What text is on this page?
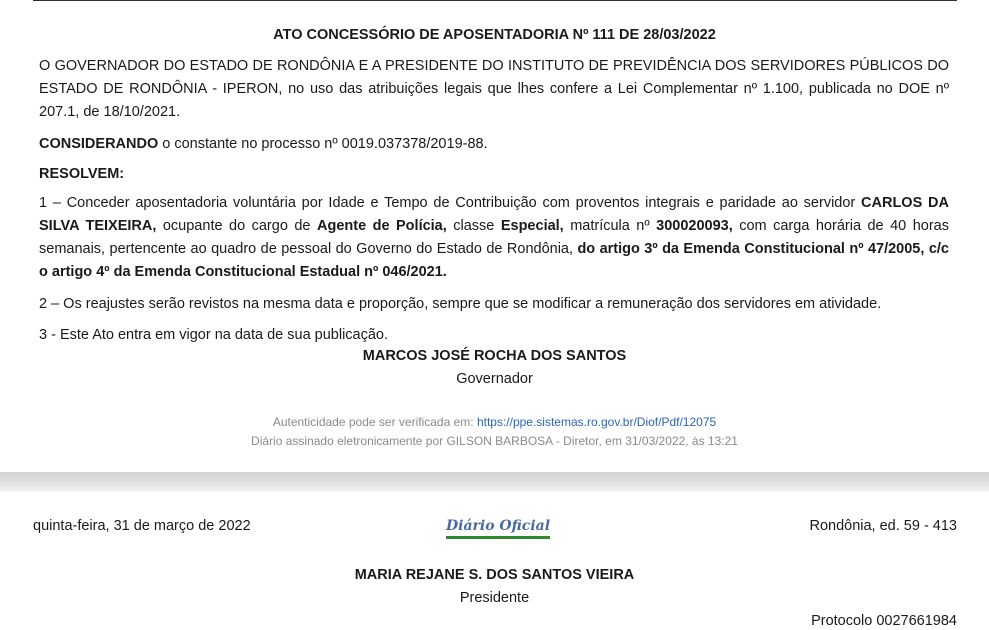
ATO CONCESSÓRIO DE APOSENTADORIA Nº 111 DE 28/03/2022
O GOVERNADOR DO ESTADO DE RONDÔNIA E A PRESIDENTE DO INSTITUTO DE PREVIDÊNCIA DOS SERVIDORES PÚBLICOS DO ESTADO DE RONDÔNIA - IPERON, no uso das atribuições legais que lhes confere a Lei Complementar nº 1.100, publicada no DOE nº 207.1, de 18/10/2021.
CONSIDERANDO o constante no processo nº 0019.037378/2019-88.
RESOLVEM:
1 – Conceder aposentadoria voluntária por Idade e Tempo de Contribuição com proventos integrais e paridade ao servidor CARLOS DA SILVA TEIXEIRA, ocupante do cargo de Agente de Polícia, classe Especial, matrícula nº 300020093, com carga horária de 40 horas semanais, pertencente ao quadro de pessoal do Governo do Estado de Rondônia, do artigo 3º da Emenda Constitucional nº 47/2005, c/c o artigo 4º da Emenda Constitucional Estadual nº 046/2021.
2 – Os reajustes serão revistos na mesma data e proporção, sempre que se modificar a remuneração dos servidores em atividade.
3 - Este Ato entra em vigor na data de sua publicação.
MARCOS JOSÉ ROCHA DOS SANTOS
Governador
Autenticidade pode ser verificada em: https://ppe.sistemas.ro.gov.br/Diof/Pdf/12075
Diário assinado eletronicamente por GILSON BARBOSA - Diretor, em 31/03/2022, às 13:21
quinta-feira, 31 de março de 2022	Diário Oficial	Rondônia, ed. 59 - 413
MARIA REJANE S. DOS SANTOS VIEIRA
Presidente
Protocolo 0027661984
